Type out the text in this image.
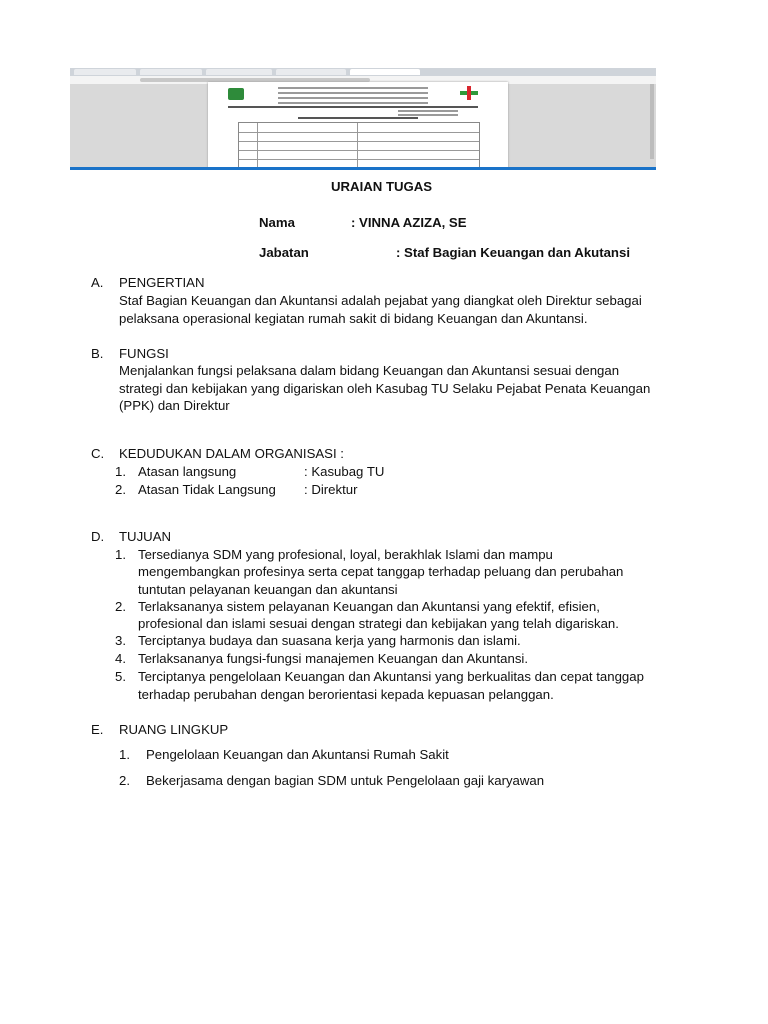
URAIAN TUGAS
Nama	: VINNA AZIZA, SE
Jabatan	: Staf Bagian Keuangan dan Akutansi
A. PENGERTIAN
Staf Bagian Keuangan dan Akuntansi adalah pejabat yang diangkat oleh Direktur sebagai
pelaksana operasional kegiatan rumah sakit di bidang Keuangan dan Akuntansi.
B. FUNGSI
Menjalankan fungsi pelaksana dalam bidang Keuangan dan Akuntansi sesuai dengan
strategi dan kebijakan yang digariskan oleh Kasubag TU Selaku Pejabat Penata Keuangan
(PPK) dan Direktur
C. KEDUDUKAN DALAM ORGANISASI :
1. Atasan langsung	: Kasubag TU
2. Atasan Tidak Langsung : Direktur
D. TUJUAN
1. Tersedianya SDM yang profesional, loyal, berakhlak Islami dan mampu
mengembangkan profesinya serta cepat tanggap terhadap peluang dan perubahan
tuntutan pelayanan keuangan dan akuntansi
2. Terlaksananya sistem pelayanan Keuangan dan Akuntansi yang efektif, efisien,
profesional dan islami sesuai dengan strategi dan kebijakan yang telah digariskan.
3. Terciptanya budaya dan suasana kerja yang harmonis dan islami.
4. Terlaksananya fungsi-fungsi manajemen Keuangan dan Akuntansi.
5. Terciptanya pengelolaan Keuangan dan Akuntansi yang berkualitas dan cepat tanggap
terhadap perubahan dengan berorientasi kepada kepuasan pelanggan.
E. RUANG LINGKUP
1. Pengelolaan Keuangan dan Akuntansi Rumah Sakit
2. Bekerjasama dengan bagian SDM untuk Pengelolaan gaji karyawan
